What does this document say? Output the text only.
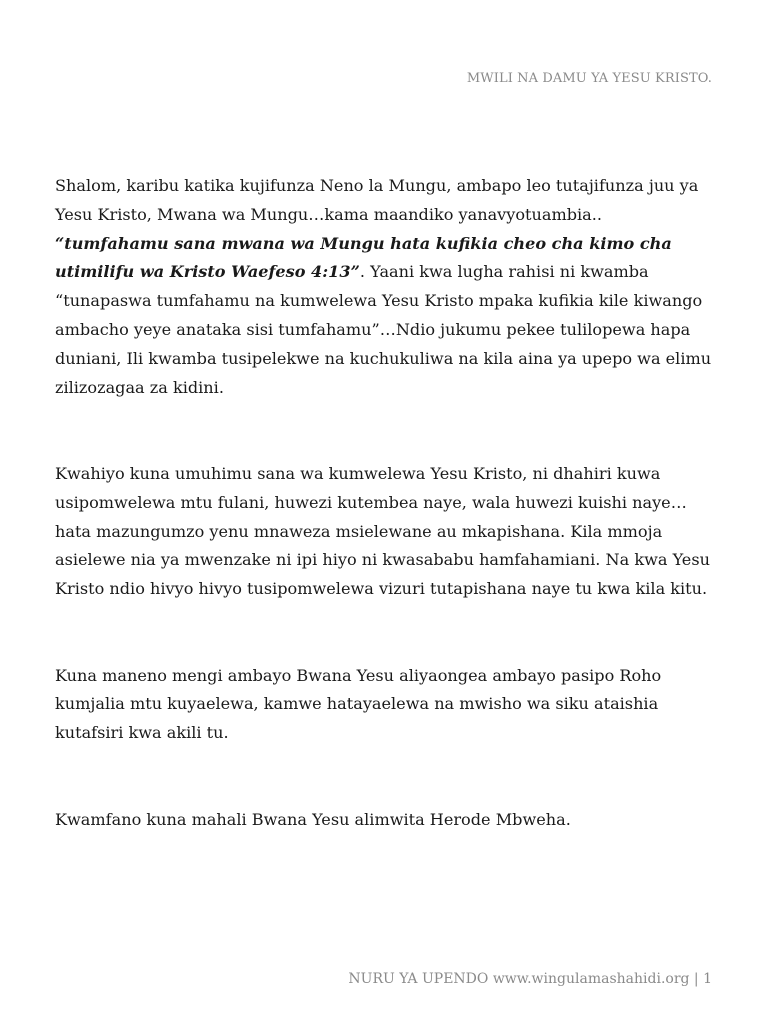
MWILI NA DAMU YA YESU KRISTO.

Shalom, karibu katika kujifunza Neno la Mungu, ambapo leo tutajifunza juu ya Yesu Kristo, Mwana wa Mungu…kama maandiko yanavyotuambia.. “tumfahamu sana mwana wa Mungu hata kufikia cheo cha kimo cha utimilifu wa Kristo Waefeso 4:13”. Yaani kwa lugha rahisi ni kwamba “tunapaswa tumfahamu na kumwelewa Yesu Kristo mpaka kufikia kile kiwango ambacho yeye anataka sisi tumfahamu”…Ndio jukumu pekee tulilopewa hapa duniani, Ili kwamba tusipelekwe na kuchukuliwa na kila aina ya upepo wa elimu zilizozagaa za kidini.

Kwahiyo kuna umuhimu sana wa kumwelewa Yesu Kristo, ni dhahiri kuwa usipomwelewa mtu fulani, huwezi kutembea naye, wala huwezi kuishi naye…hata mazungumzo yenu mnaweza msielewane au mkapishana. Kila mmoja asielewe nia ya mwenzake ni ipi hiyo ni kwasababu hamfahamiani. Na kwa Yesu Kristo ndio hivyo hivyo tusipomwelewa vizuri tutapishana naye tu kwa kila kitu.

Kuna maneno mengi ambayo Bwana Yesu aliyaongea ambayo pasipo Roho kumjalia mtu kuyaelewa, kamwe hatayaelewa na mwisho wa siku ataishia kutafsiri kwa akili tu.

Kwamfano kuna mahali Bwana Yesu alimwita Herode Mbweha.

NURU YA UPENDO www.wingulamashahidi.org | 1
